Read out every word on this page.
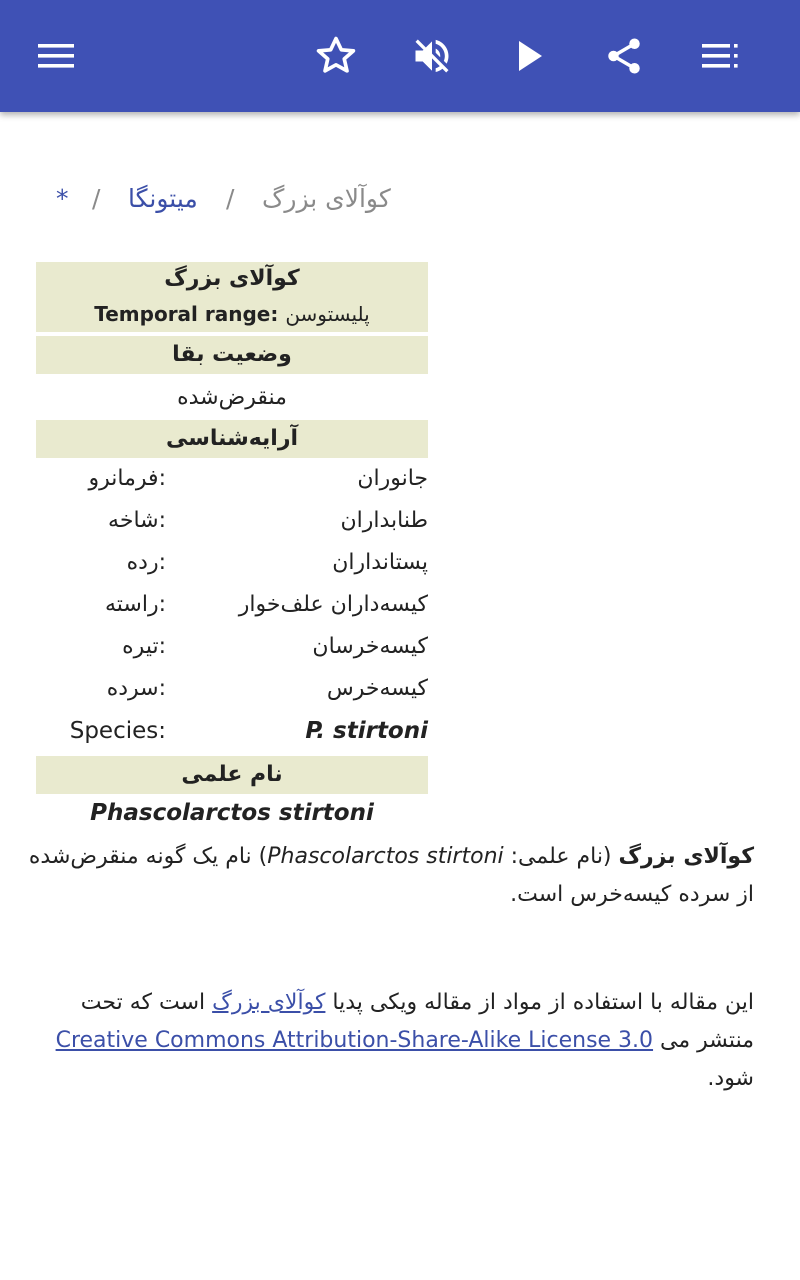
* / میتونگا / کوآلای بزرگ
کوآلای بزرگ
Temporal range: پلیستوسن
وضعیت بقا
منقرض‌شده
آرایه‌شناسی
:فرمانرو	جانوران
:شاخه	طنابداران
:رده	پستانداران
:راسته	کیسه‌داران علف‌خوار
:تیره	کیسه‌خرسان
:سرده	کیسه‌خرس
Species:	P. stirtoni
نام علمی
Phascolarctos stirtoni
کوآلای بزرگ (نام علمی: Phascolarctos stirtoni) نام یک گونه منقرض‌شده
از سرده کیسه‌خرس است.
این مقاله با استفاده از مواد از مقاله ویکی پدیا کوآلای بزرگ است که تحت
منتشر می Creative Commons Attribution-Share-Alike License 3.0
شود.
